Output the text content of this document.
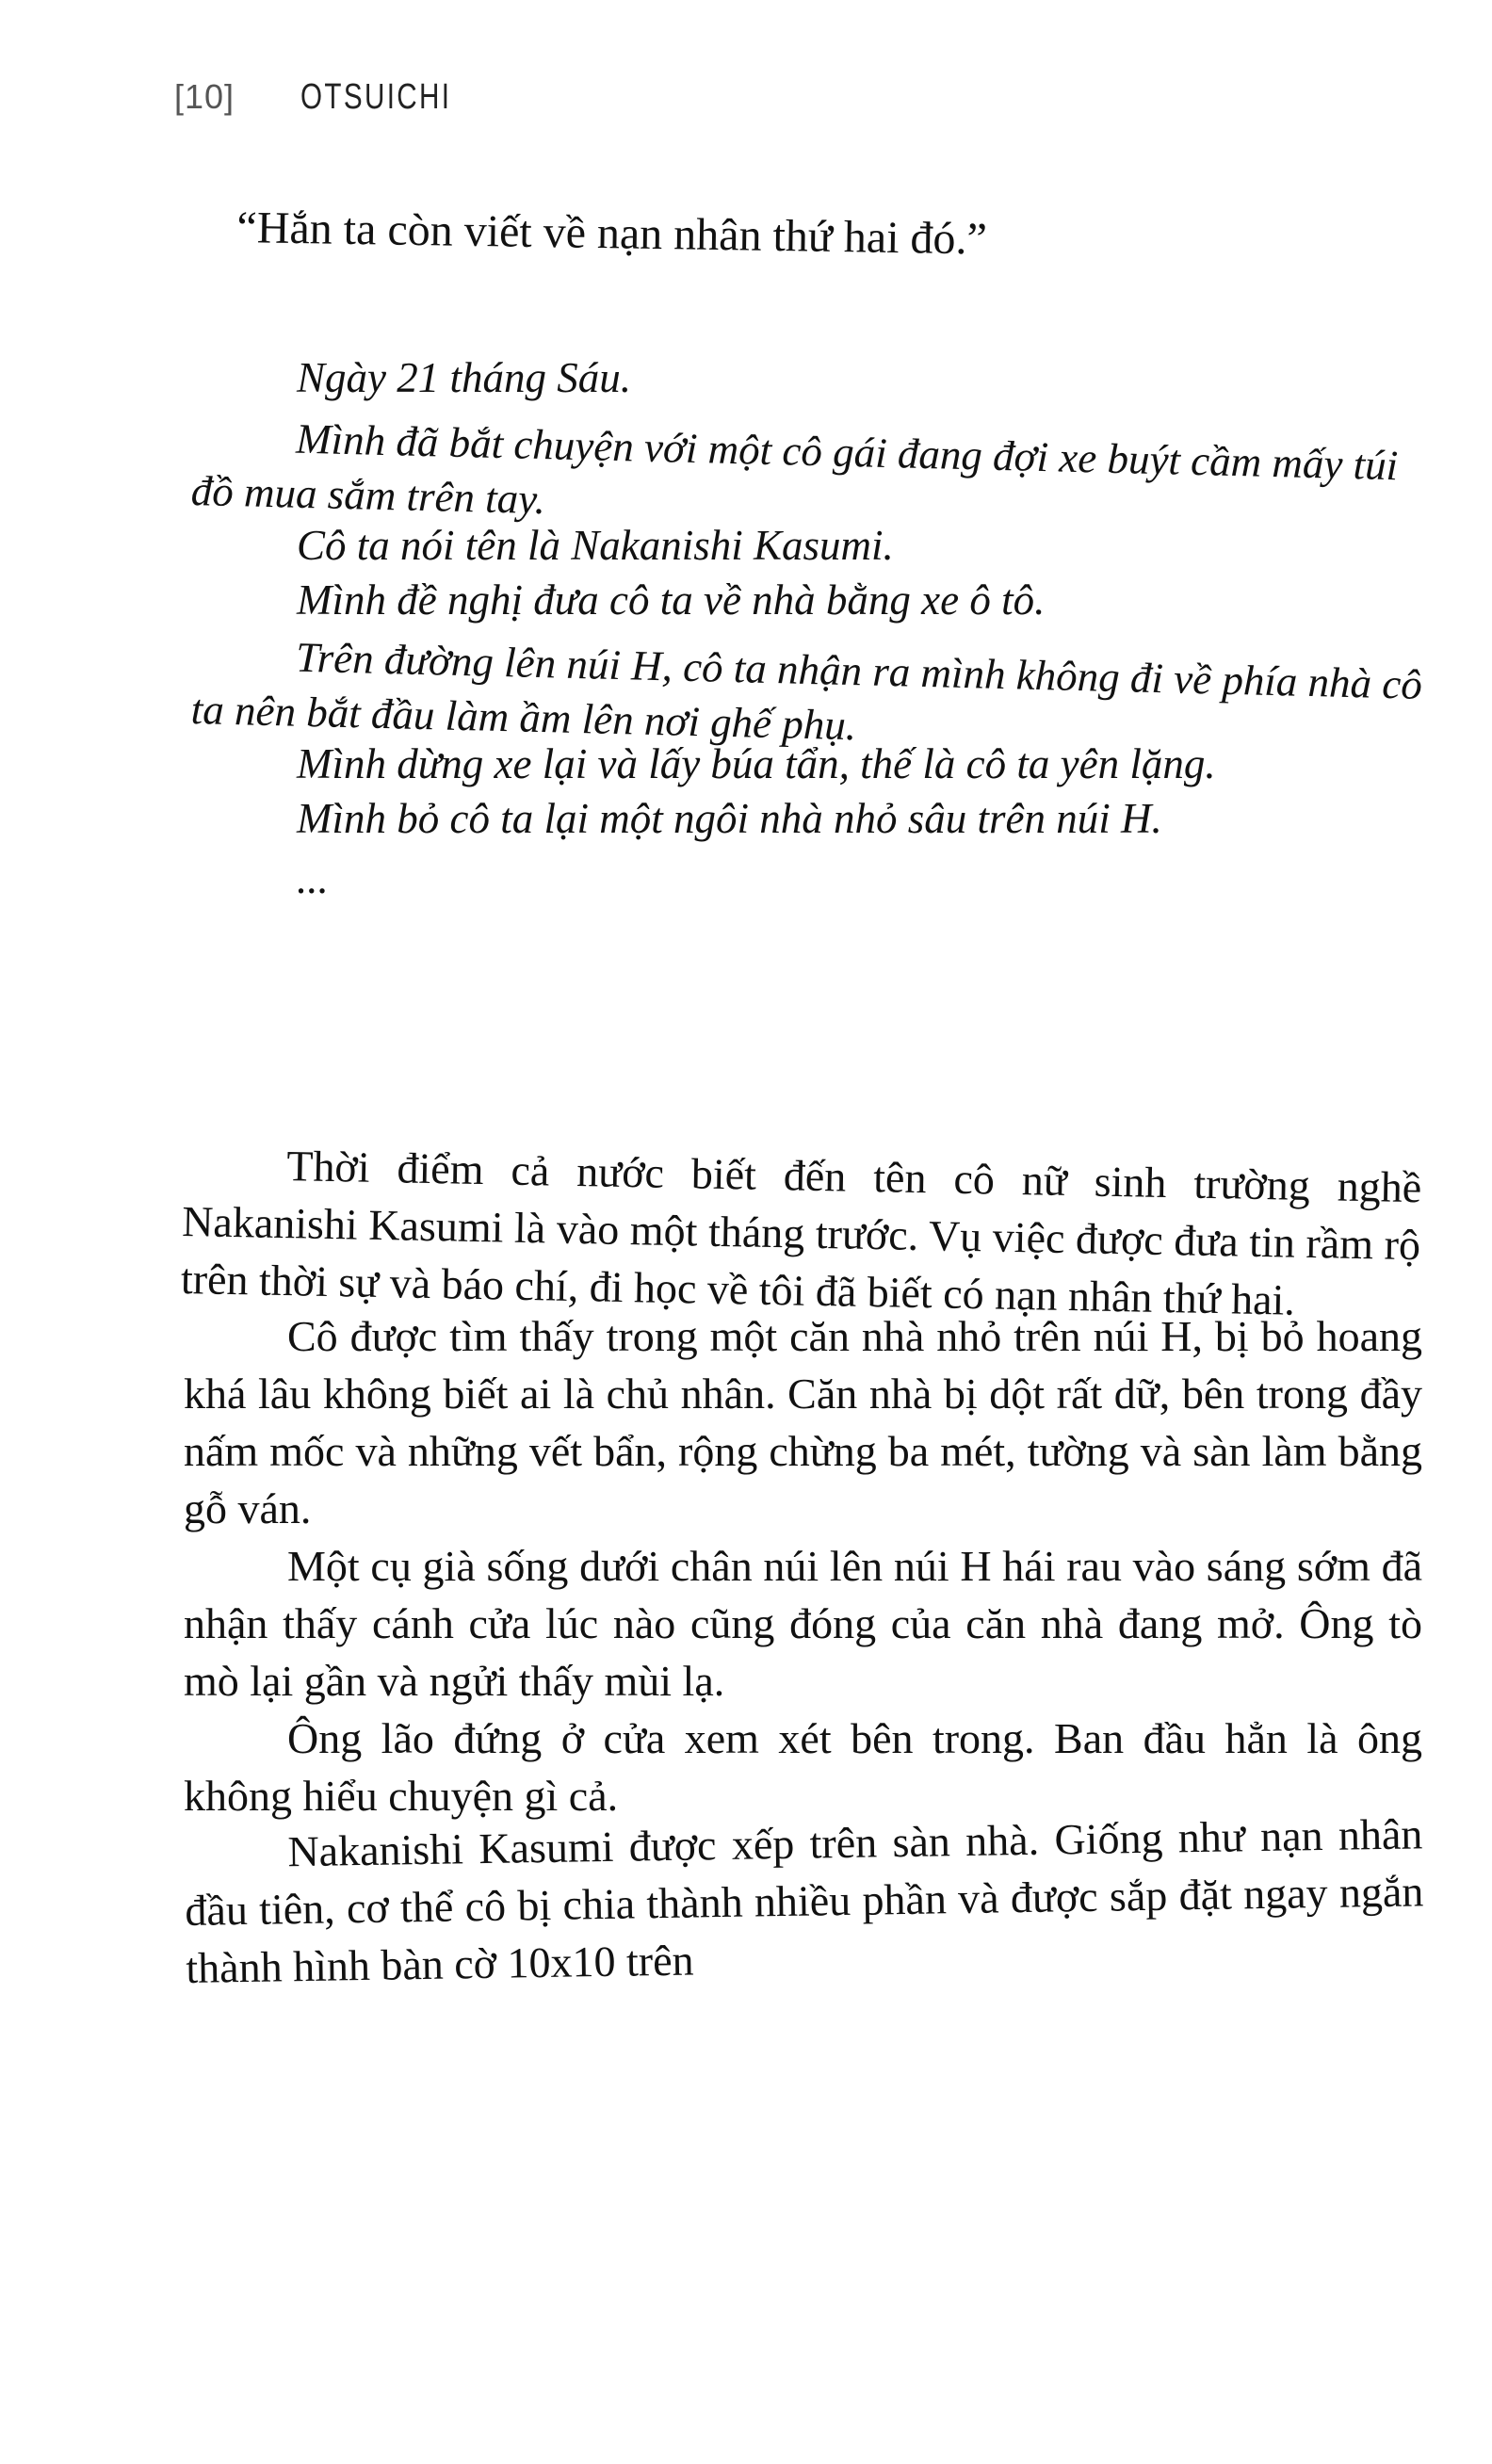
[10] OTSUICHI
“Hắn ta còn viết về nạn nhân thứ hai đó.”

Ngày 21 tháng Sáu.

Mình đã bắt chuyện với một cô gái đang đợi xe buýt cầm mấy túi đồ mua sắm trên tay.

Cô ta nói tên là Nakanishi Kasumi.

Mình đề nghị đưa cô ta về nhà bằng xe ô tô.

Trên đường lên núi H, cô ta nhận ra mình không đi về phía nhà cô ta nên bắt đầu làm ầm lên nơi ghế phụ.

Mình dừng xe lại và lấy búa tẩn, thế là cô ta yên lặng.

Mình bỏ cô ta lại một ngôi nhà nhỏ sâu trên núi H.

...

Thời điểm cả nước biết đến tên cô nữ sinh trường nghề Nakanishi Kasumi là vào một tháng trước. Vụ việc được đưa tin rầm rộ trên thời sự và báo chí, đi học về tôi đã biết có nạn nhân thứ hai.

Cô được tìm thấy trong một căn nhà nhỏ trên núi H, bị bỏ hoang khá lâu không biết ai là chủ nhân. Căn nhà bị dột rất dữ, bên trong đầy nấm mốc và những vết bẩn, rộng chừng ba mét, tường và sàn làm bằng gỗ ván.

Một cụ già sống dưới chân núi lên núi H hái rau vào sáng sớm đã nhận thấy cánh cửa lúc nào cũng đóng của căn nhà đang mở. Ông tò mò lại gần và ngửi thấy mùi lạ.

Ông lão đứng ở cửa xem xét bên trong. Ban đầu hẳn là ông không hiểu chuyện gì cả.

Nakanishi Kasumi được xếp trên sàn nhà. Giống như nạn nhân đầu tiên, cơ thể cô bị chia thành nhiều phần và được sắp đặt ngay ngắn thành hình bàn cờ 10x10 trên
